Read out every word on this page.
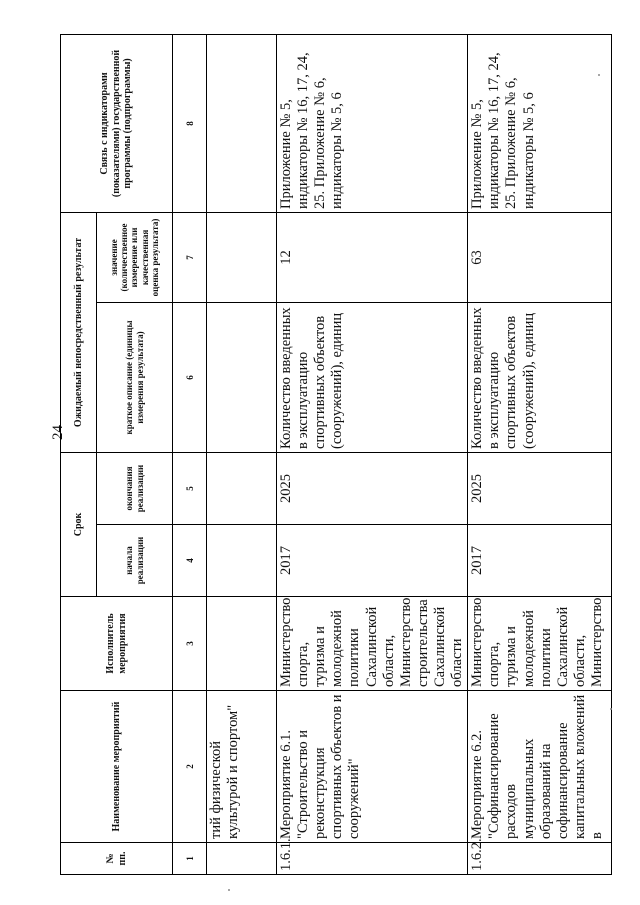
24
№ пп.	Наименование мероприятий	Исполнитель мероприятия	Срок		Ожидаемый непосредственный результат		Связь с индикаторами (показателями) государственной программы (подпрограммы)
			начала реализации	окончания реализации	краткое описание (единицы измерения результата)	значение (количественное измерение или качественная оценка результата)	
1	2	3	4	5	6	7	8
	тий физической культурой и спортом"						
1.6.1.	Мероприятие 6.1. "Строительство и реконструкция спортивных объектов и сооружений"	Министерство спорта, туризма и молодежной политики Сахалинской области, Министерство строительства Сахалинской области	2017	2025	Количество введенных в эксплуатацию спортивных объектов (сооружений), единиц	12	Приложение № 5, индикаторы № 16, 17, 24, 25. Приложение № 6, индикаторы № 5, 6
1.6.2.	Мероприятие 6.2. "Софинансирование расходов муниципальных образований на софинансирование капитальных вложений в	Министерство спорта, туризма и молодежной политики Сахалинской области, Министерство	2017	2025	Количество введенных в эксплуатацию спортивных объектов (сооружений), единиц	63	Приложение № 5, индикаторы № 16, 17, 24, 25. Приложение № 6, индикаторы № 5, 6
